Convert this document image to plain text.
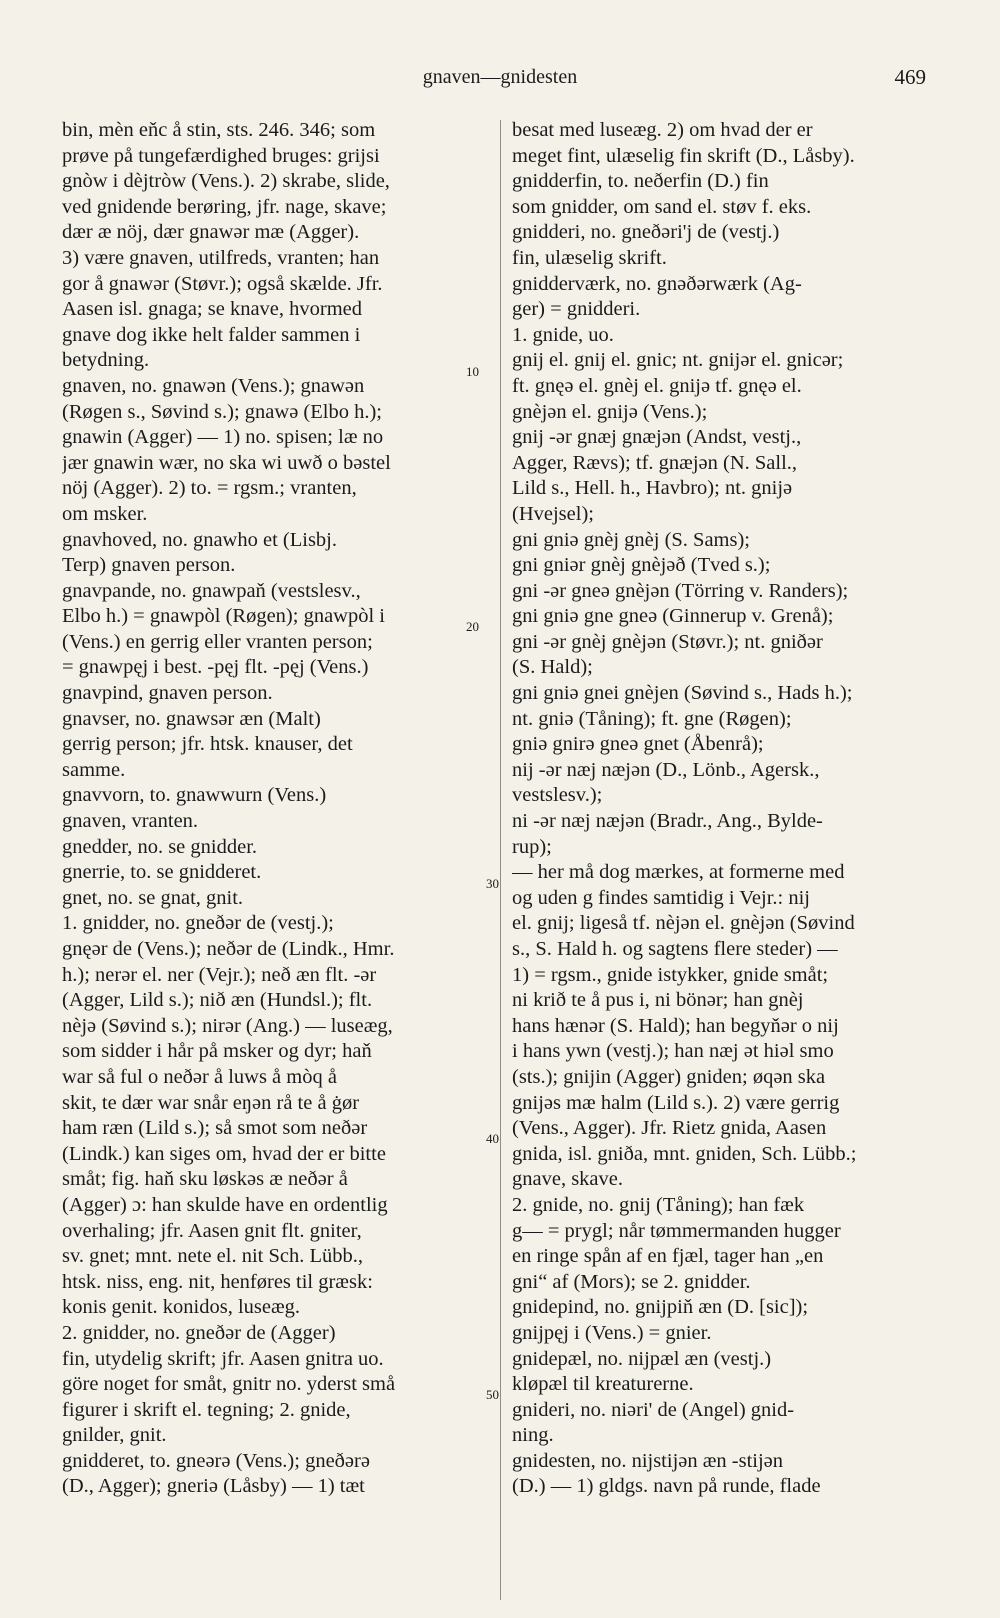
gnaven—gnidesten	469

bin, mèn eňc å stin, sts. 246. 346; som

prøve på tungefærdighed bruges: grijsi

gnòw i dèjtròw (Vens.). 2) skrabe, slide,

ved gnidende berøring, jfr. nage, skave;

dær æ nöj, dær gnawər mæ (Agger).

3) være gnaven, utilfreds, vranten; han

gor å gnawər (Støvr.); også skælde. Jfr.

Aasen isl. gnaga; se knave, hvormed

gnave dog ikke helt falder sammen i

betydning.

gnaven, no. gnawən (Vens.); gnawən

(Røgen s., Søvind s.); gnawə (Elbo h.);

gnawin (Agger) — 1) no. spisen; læ no

jær gnawin wær, no ska wi uwð o bəstel

nöj (Agger). 2) to. = rgsm.; vranten,

om msker.

gnavhoved, no. gnawho et (Lisbj.

Terp) gnaven person.

gnavpande, no. gnawpaň (vestslesv.,

Elbo h.) = gnawpòl (Røgen); gnawpòl i

(Vens.) en gerrig eller vranten person;

= gnawpęj i best. -pęj flt. -pęj (Vens.)

gnavpind, gnaven person.

gnavser, no. gnawsər æn (Malt)

gerrig person; jfr. htsk. knauser, det

samme.

gnavvorn, to. gnawwurn (Vens.)

gnaven, vranten.

gnedder, no. se gnidder.

gnerrie, to. se gnidderet.

gnet, no. se gnat, gnit.

1. gnidder, no. gneðər de (vestj.);

gnęər de (Vens.); neðər de (Lindk., Hmr.

h.); nerər el. ner (Vejr.); neð æn flt. -ər

(Agger, Lild s.); nið æn (Hundsl.); flt.

nèjə (Søvind s.); nirər (Ang.) — luseæg,

som sidder i hår på msker og dyr; haň

war så ful o neðər å luws å mòq å

skit, te dær war snår eŋən rå te å ġør

ham ræn (Lild s.); så smot som neðər

(Lindk.) kan siges om, hvad der er bitte

småt; fig. haň sku løskəs æ neðər å

(Agger) ɔ: han skulde have en ordentlig

overhaling; jfr. Aasen gnit flt. gniter,

sv. gnet; mnt. nete el. nit Sch. Lübb.,

htsk. niss, eng. nit, henføres til græsk:

konis genit. konidos, luseæg.

2. gnidder, no. gneðər de (Agger)

fin, utydelig skrift; jfr. Aasen gnitra uo.

göre noget for småt, gnitr no. yderst små

figurer i skrift el. tegning; 2. gnide,

gnilder, gnit.

gnidderet, to. gneərə (Vens.); gneðərə

(D., Agger); gneriə (Låsby) — 1) tæt

besat med luseæg. 2) om hvad der er

meget fint, ulæselig fin skrift (D., Låsby).

gnidderfin, to. neðerfin (D.) fin

som gnidder, om sand el. støv f. eks.

gnidderi, no. gneðəri'j de (vestj.)

fin, ulæselig skrift.

gnidderværk, no. gnəðərwærk (Ag-

ger) = gnidderi.

1. gnide, uo.

gnij el. gnij el. gnic; nt. gnijər el. gnicər;

ft. gnęə el. gnèj el. gnijə tf. gnęə el.

gnèjən el. gnijə (Vens.);

gnij -ər gnæj gnæjən (Andst, vestj.,

Agger, Rævs); tf. gnæjən (N. Sall.,

Lild s., Hell. h., Havbro); nt. gnijə

(Hvejsel);

gni gniə gnèj gnèj (S. Sams);

gni gniər gnèj gnèjəð (Tved s.);

gni -ər gneə gnèjən (Törring v. Randers);

gni gniə gne gneə (Ginnerup v. Grenå);

gni -ər gnèj gnèjən (Støvr.); nt. gniðər

(S. Hald);

gni gniə gnei gnèjen (Søvind s., Hads h.);

nt. gniə (Tåning); ft. gne (Røgen);

gniə gnirə gneə gnet (Åbenrå);

nij -ər næj næjən (D., Lönb., Agersk.,

vestslesv.);

ni -ər næj næjən (Bradr., Ang., Bylde-

rup);

— her må dog mærkes, at formerne med

og uden g findes samtidig i Vejr.: nij

el. gnij; ligeså tf. nèjən el. gnèjən (Søvind

s., S. Hald h. og sagtens flere steder) —

1) = rgsm., gnide istykker, gnide småt;

ni krið te å pus i, ni bönər; han gnèj

hans hænər (S. Hald); han begyňər o nij

i hans ywn (vestj.); han næj ət hiəl smo

(sts.); gnijin (Agger) gniden; øqən ska

gnijəs mæ halm (Lild s.). 2) være gerrig

(Vens., Agger). Jfr. Rietz gnida, Aasen

gnida, isl. gniða, mnt. gniden, Sch. Lübb.;

gnave, skave.

2. gnide, no. gnij (Tåning); han fæk

g— = prygl; når tømmermanden hugger

en ringe spån af en fjæl, tager han „en

gni“ af (Mors); se 2. gnidder.

gnidepind, no. gnijpiň æn (D. [sic]);

gnijpęj i (Vens.) = gnier.

gnidepæl, no. nijpæl æn (vestj.)

kløpæl til kreaturerne.

gnideri, no. niəri' de (Angel) gnid-

ning.

gnidesten, no. nijstijən æn -stijən

(D.) — 1) gldgs. navn på runde, flade

10
20
30
40
50
